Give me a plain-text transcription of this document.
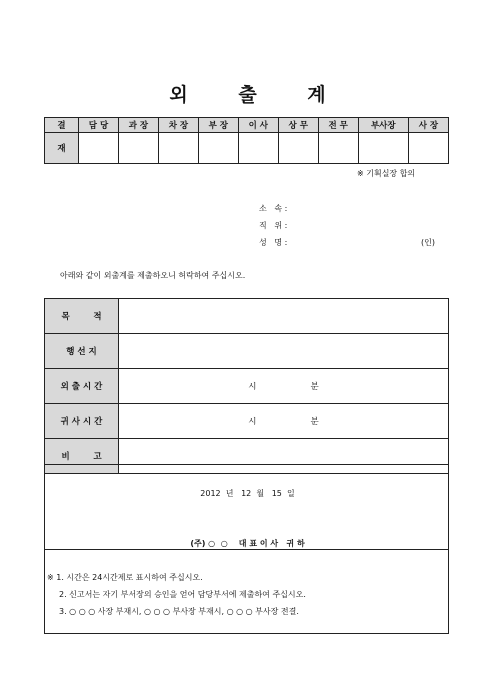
외 출 계
결	담 당	과 장	차 장	부 장	이 사	상 무	전 무	부사장	사 장
재									
※ 기획실장 합의
소   속 :
직   위 :
성   명 :	(인)
아래와 같이 외출계를 제출하오니 허락하여 주십시오.
목        적	
행 선 지	
외 출 시 간	시                    분
귀 사 시 간	시                    분
비        고	
2012  년   12  월   15  일
(주) ○  ○    대 표 이 사   귀 하
※ 1. 시간은 24시간제로 표시하여 주십시오.
2. 신고서는 자기 부서장의 승인을 얻어 담당부서에 제출하여 주십시오.
3. ○ ○ ○ 사장 부재시, ○ ○ ○ 부사장 부재시, ○ ○ ○ 부사장 전결.
